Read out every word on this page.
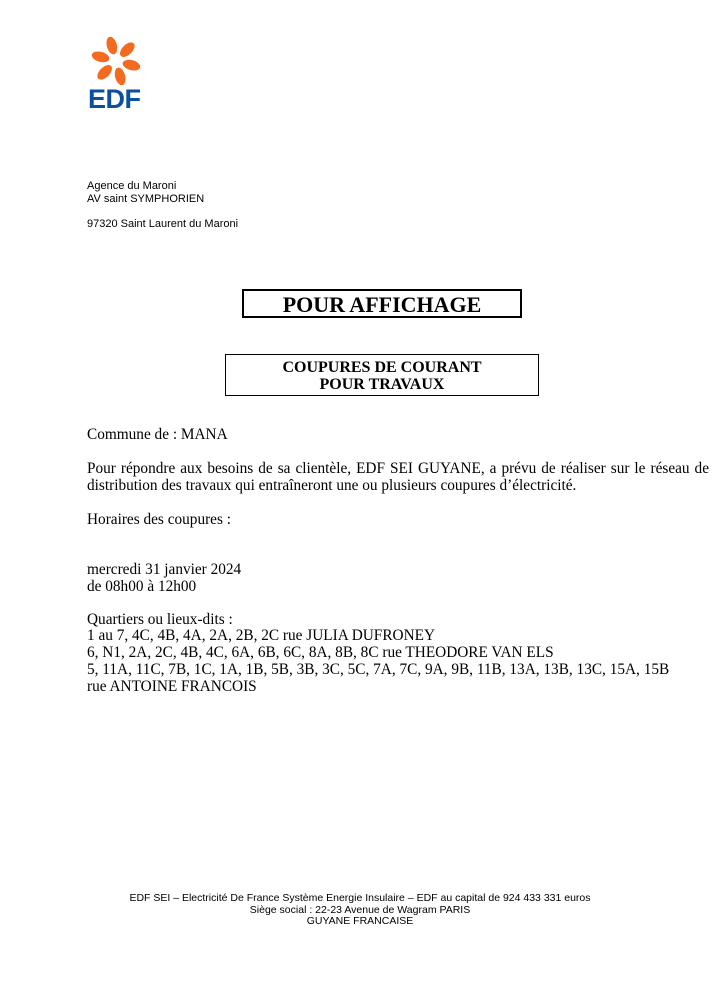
EDF
Agence du Maroni
AV saint SYMPHORIEN
97320 Saint Laurent du Maroni
POUR AFFICHAGE
COUPURES DE COURANT
POUR TRAVAUX
Commune de : MANA
Pour répondre aux besoins de sa clientèle, EDF SEI GUYANE, a prévu de réaliser sur le réseau de distribution des travaux qui entraîneront une ou plusieurs coupures d’électricité.
Horaires des coupures :
mercredi 31 janvier 2024
de 08h00 à 12h00
Quartiers ou lieux-dits :
1 au 7, 4C, 4B, 4A, 2A, 2B, 2C rue JULIA DUFRONEY
6, N1, 2A, 2C, 4B, 4C, 6A, 6B, 6C, 8A, 8B, 8C rue THEODORE VAN ELS
5, 11A, 11C, 7B, 1C, 1A, 1B, 5B, 3B, 3C, 5C, 7A, 7C, 9A, 9B, 11B, 13A, 13B, 13C, 15A, 15B
rue ANTOINE FRANCOIS
EDF SEI – Electricité De France Système Energie Insulaire – EDF au capital de 924 433 331 euros
Siège social : 22-23 Avenue de Wagram PARIS
GUYANE FRANCAISE
